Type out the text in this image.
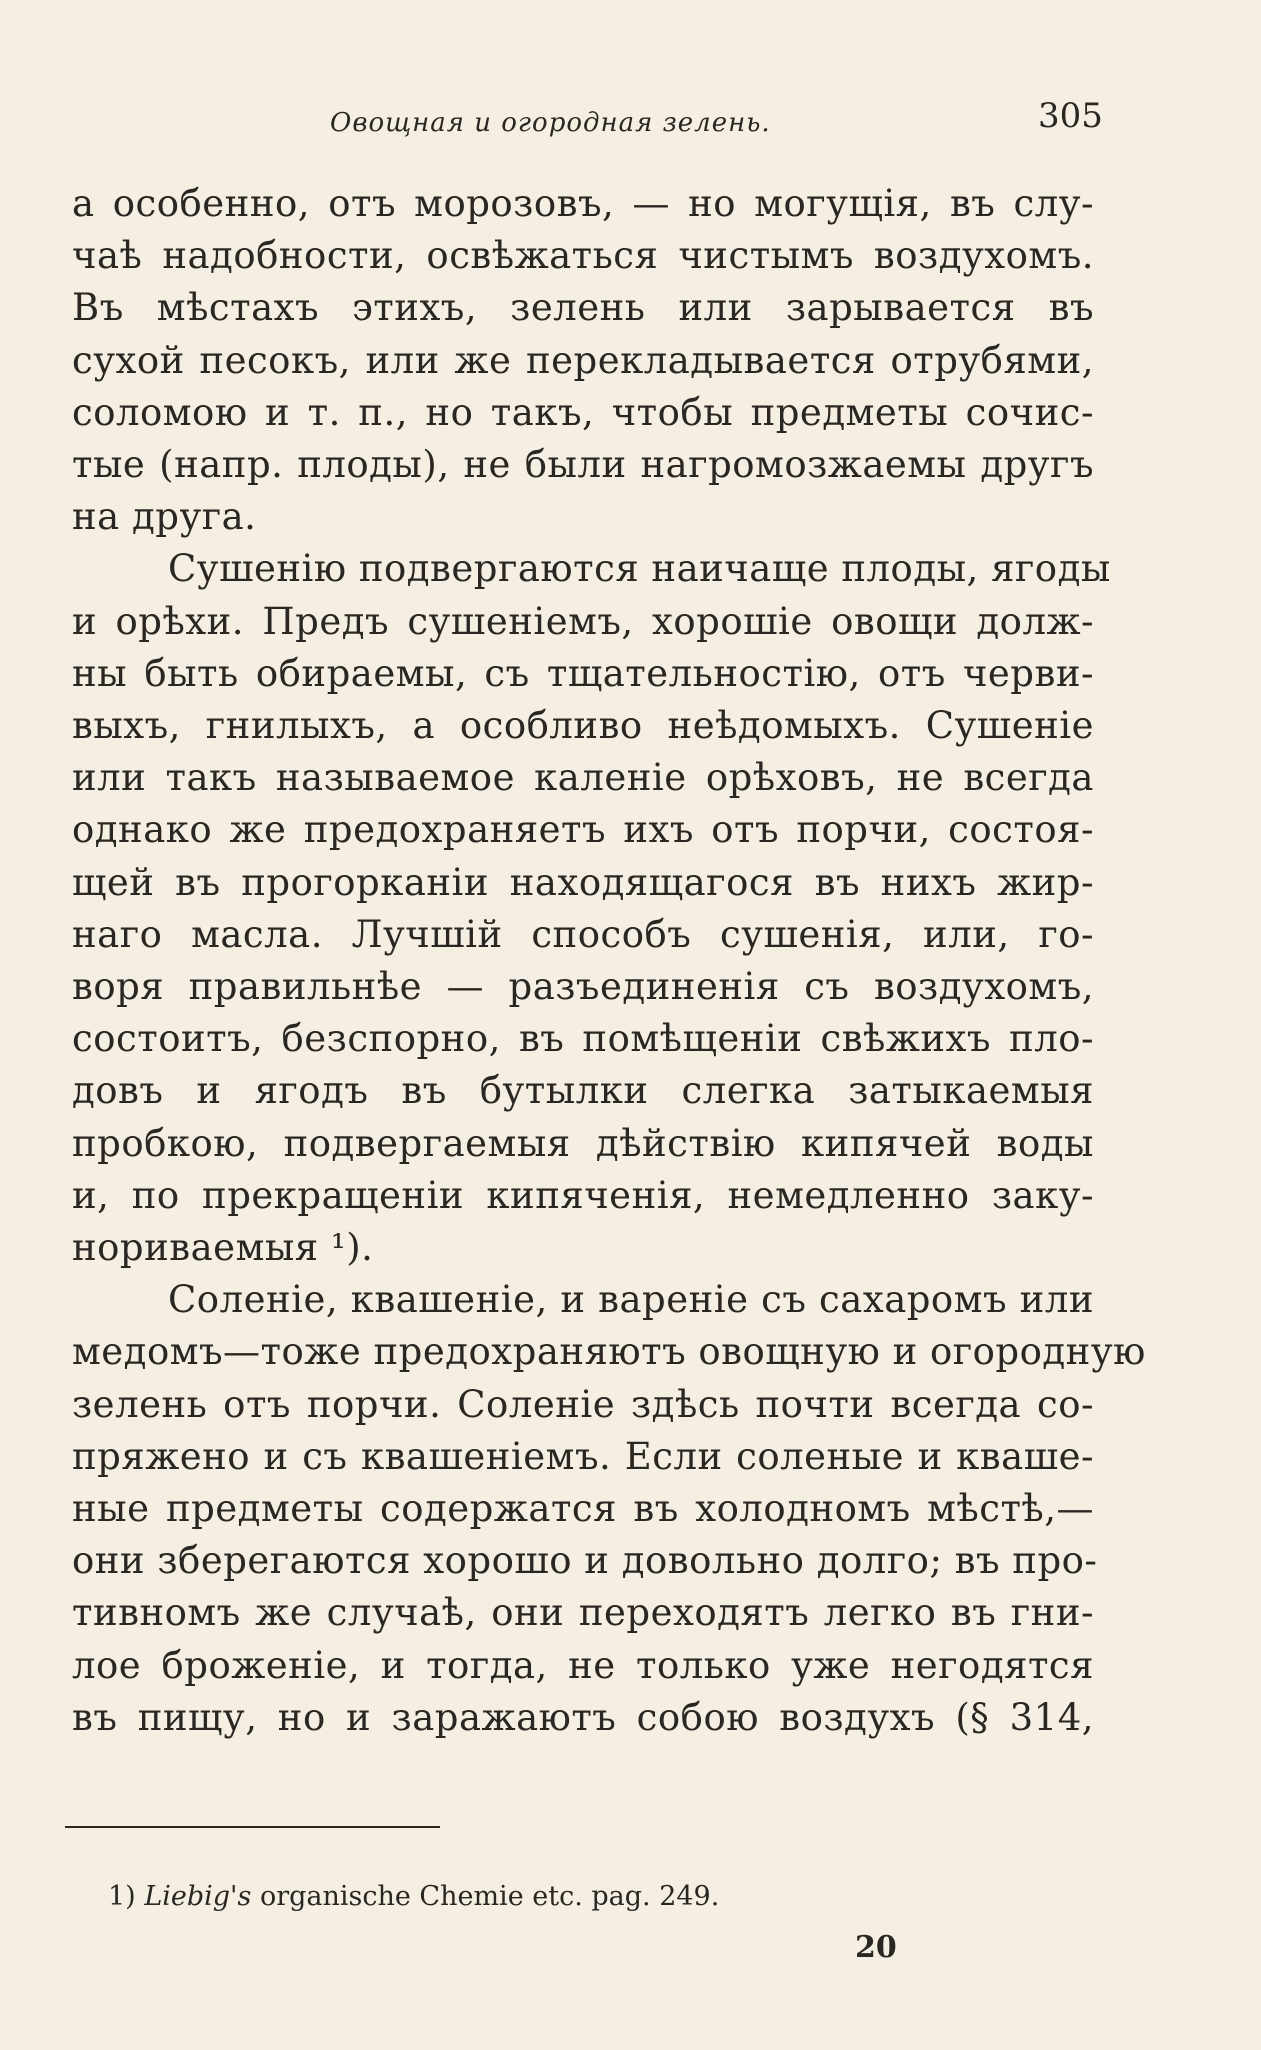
Овощная и огородная зелень.	305
а особенно, отъ морозовъ, — но могущія, въ слу-
чаѣ надобности, освѣжаться чистымъ воздухомъ.
Въ мѣстахъ этихъ, зелень или зарывается въ
сухой песокъ, или же перекладывается отрубями,
соломою и т. п., но такъ, чтобы предметы сочис-
тые (напр. плоды), не были нагромозжаемы другъ
на друга.
Сушенію подвергаются наичаще плоды, ягоды
и орѣхи. Предъ сушеніемъ, хорошіе овощи долж-
ны быть обираемы, съ тщательностію, отъ черви-
выхъ, гнилыхъ, а особливо неѣдомыхъ. Сушеніе
или такъ называемое каленіе орѣховъ, не всегда
однако же предохраняетъ ихъ отъ порчи, состоя-
щей въ прогорканіи находящагося въ нихъ жир-
наго масла. Лучшій способъ сушенія, или, го-
воря правильнѣе — разъединенія съ воздухомъ,
состоитъ, безспорно, въ помѣщеніи свѣжихъ пло-
довъ и ягодъ въ бутылки слегка затыкаемыя
пробкою, подвергаемыя дѣйствію кипячей воды
и, по прекращеніи кипяченія, немедленно заку-
нориваемыя ¹).
Соленіе, квашеніе, и вареніе съ сахаромъ или
медомъ—тоже предохраняютъ овощную и огородную
зелень отъ порчи. Соленіе здѣсь почти всегда со-
пряжено и съ квашеніемъ. Если соленые и кваше-
ные предметы содержатся въ холодномъ мѣстѣ,—
они зберегаются хорошо и довольно долго; въ про-
тивномъ же случаѣ, они переходятъ легко въ гни-
лое броженіе, и тогда, не только уже негодятся
въ пищу, но и заражаютъ собою воздухъ (§ 314,
1) Liebig's organische Chemie etc. pag. 249.
20
